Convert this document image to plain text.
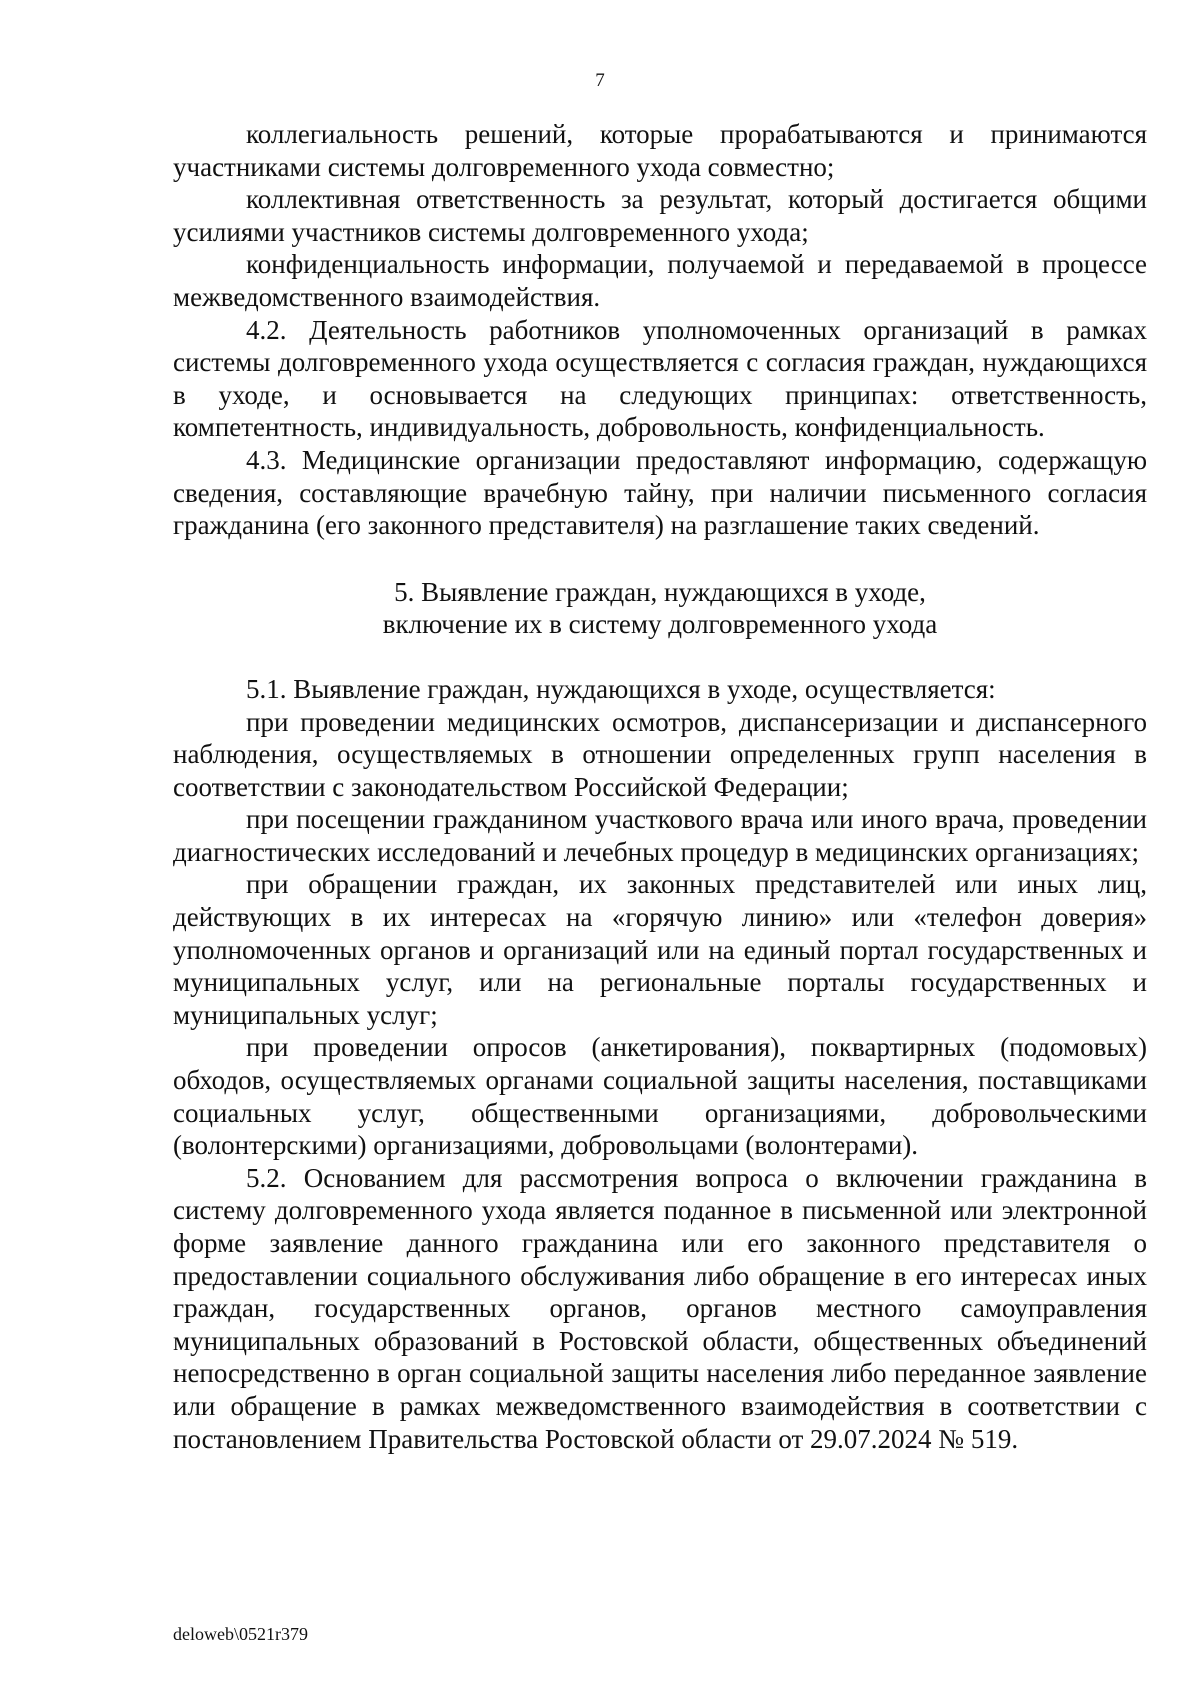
7

коллегиальность решений, которые прорабатываются и принимаются участниками системы долговременного ухода совместно;

коллективная ответственность за результат, который достигается общими усилиями участников системы долговременного ухода;

конфиденциальность информации, получаемой и передаваемой в процессе межведомственного взаимодействия.

4.2. Деятельность работников уполномоченных организаций в рамках системы долговременного ухода осуществляется с согласия граждан, нуждающихся в уходе, и основывается на следующих принципах: ответственность, компетентность, индивидуальность, добровольность, конфиденциальность.

4.3. Медицинские организации предоставляют информацию, содержащую сведения, составляющие врачебную тайну, при наличии письменного согласия гражданина (его законного представителя) на разглашение таких сведений.

5. Выявление граждан, нуждающихся в уходе,
включение их в систему долговременного ухода

5.1. Выявление граждан, нуждающихся в уходе, осуществляется:

при проведении медицинских осмотров, диспансеризации и диспансерного наблюдения, осуществляемых в отношении определенных групп населения в соответствии с законодательством Российской Федерации;

при посещении гражданином участкового врача или иного врача, проведении диагностических исследований и лечебных процедур в медицинских организациях;

при обращении граждан, их законных представителей или иных лиц, действующих в их интересах на «горячую линию» или «телефон доверия» уполномоченных органов и организаций или на единый портал государственных и муниципальных услуг, или на региональные порталы государственных и муниципальных услуг;

при проведении опросов (анкетирования), поквартирных (подомовых) обходов, осуществляемых органами социальной защиты населения, поставщиками социальных услуг, общественными организациями, добровольческими (волонтерскими) организациями, добровольцами (волонтерами).

5.2. Основанием для рассмотрения вопроса о включении гражданина в систему долговременного ухода является поданное в письменной или электронной форме заявление данного гражданина или его законного представителя о предоставлении социального обслуживания либо обращение в его интересах иных граждан, государственных органов, органов местного самоуправления муниципальных образований в Ростовской области, общественных объединений непосредственно в орган социальной защиты населения либо переданное заявление или обращение в рамках межведомственного взаимодействия в соответствии с постановлением Правительства Ростовской области от 29.07.2024 № 519.

deloweb\0521r379
